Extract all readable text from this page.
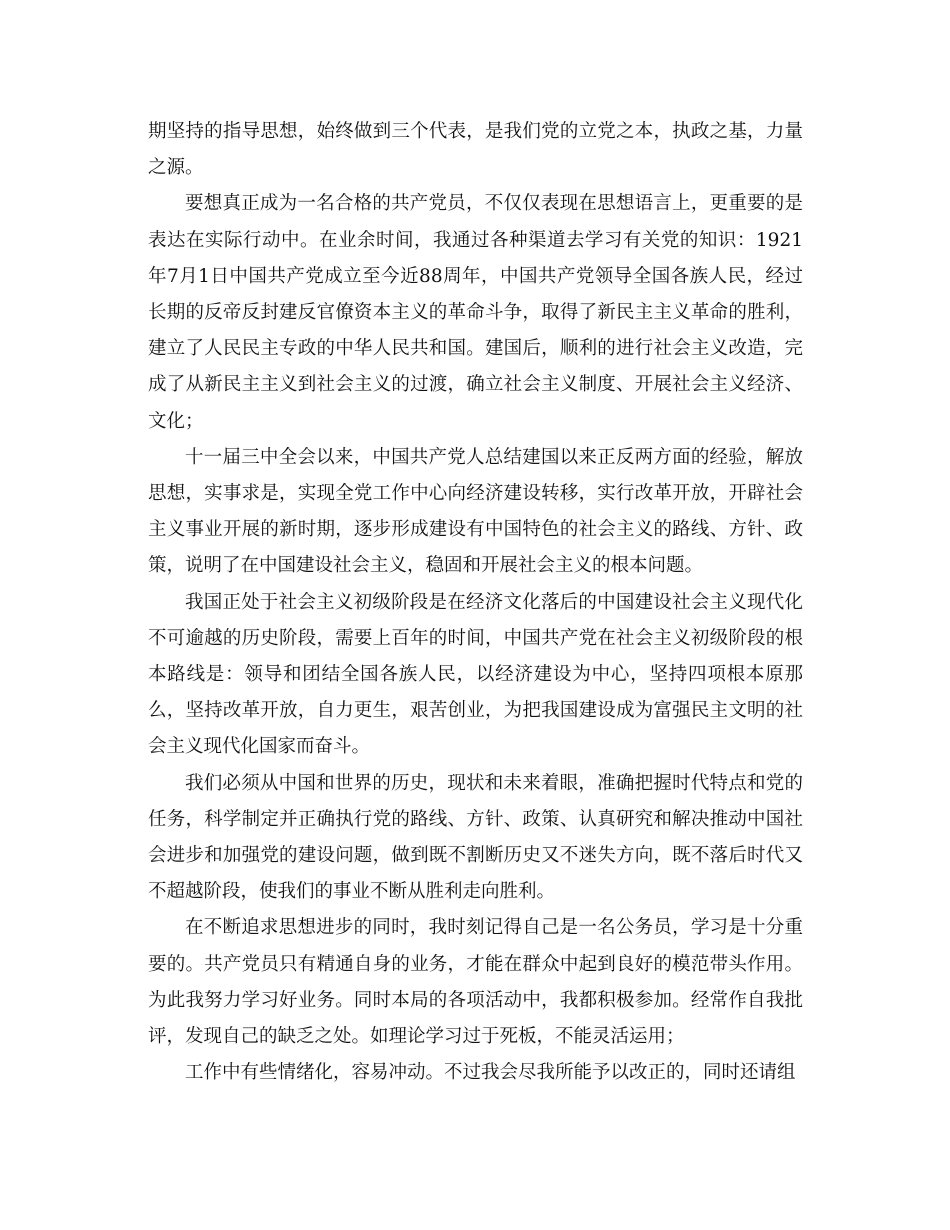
期坚持的指导思想，始终做到三个代表，是我们党的立党之本，执政之基，力量之源。

要想真正成为一名合格的共产党员，不仅仅表现在思想语言上，更重要的是表达在实际行动中。在业余时间，我通过各种渠道去学习有关党的知识：1921年7月1日中国共产党成立至今近88周年，中国共产党领导全国各族人民，经过长期的反帝反封建反官僚资本主义的革命斗争，取得了新民主主义革命的胜利，建立了人民民主专政的中华人民共和国。建国后，顺利的进行社会主义改造，完成了从新民主主义到社会主义的过渡，确立社会主义制度、开展社会主义经济、文化；

十一届三中全会以来，中国共产党人总结建国以来正反两方面的经验，解放思想，实事求是，实现全党工作中心向经济建设转移，实行改革开放，开辟社会主义事业开展的新时期，逐步形成建设有中国特色的社会主义的路线、方针、政策，说明了在中国建设社会主义，稳固和开展社会主义的根本问题。

我国正处于社会主义初级阶段是在经济文化落后的中国建设社会主义现代化不可逾越的历史阶段，需要上百年的时间，中国共产党在社会主义初级阶段的根本路线是：领导和团结全国各族人民，以经济建设为中心，坚持四项根本原那么，坚持改革开放，自力更生，艰苦创业，为把我国建设成为富强民主文明的社会主义现代化国家而奋斗。

我们必须从中国和世界的历史，现状和未来着眼，准确把握时代特点和党的任务，科学制定并正确执行党的路线、方针、政策、认真研究和解决推动中国社会进步和加强党的建设问题，做到既不割断历史又不迷失方向，既不落后时代又不超越阶段，使我们的事业不断从胜利走向胜利。

在不断追求思想进步的同时，我时刻记得自己是一名公务员，学习是十分重要的。共产党员只有精通自身的业务，才能在群众中起到良好的模范带头作用。为此我努力学习好业务。同时本局的各项活动中，我都积极参加。经常作自我批评，发现自己的缺乏之处。如理论学习过于死板，不能灵活运用；

工作中有些情绪化，容易冲动。不过我会尽我所能予以改正的，同时还请组
